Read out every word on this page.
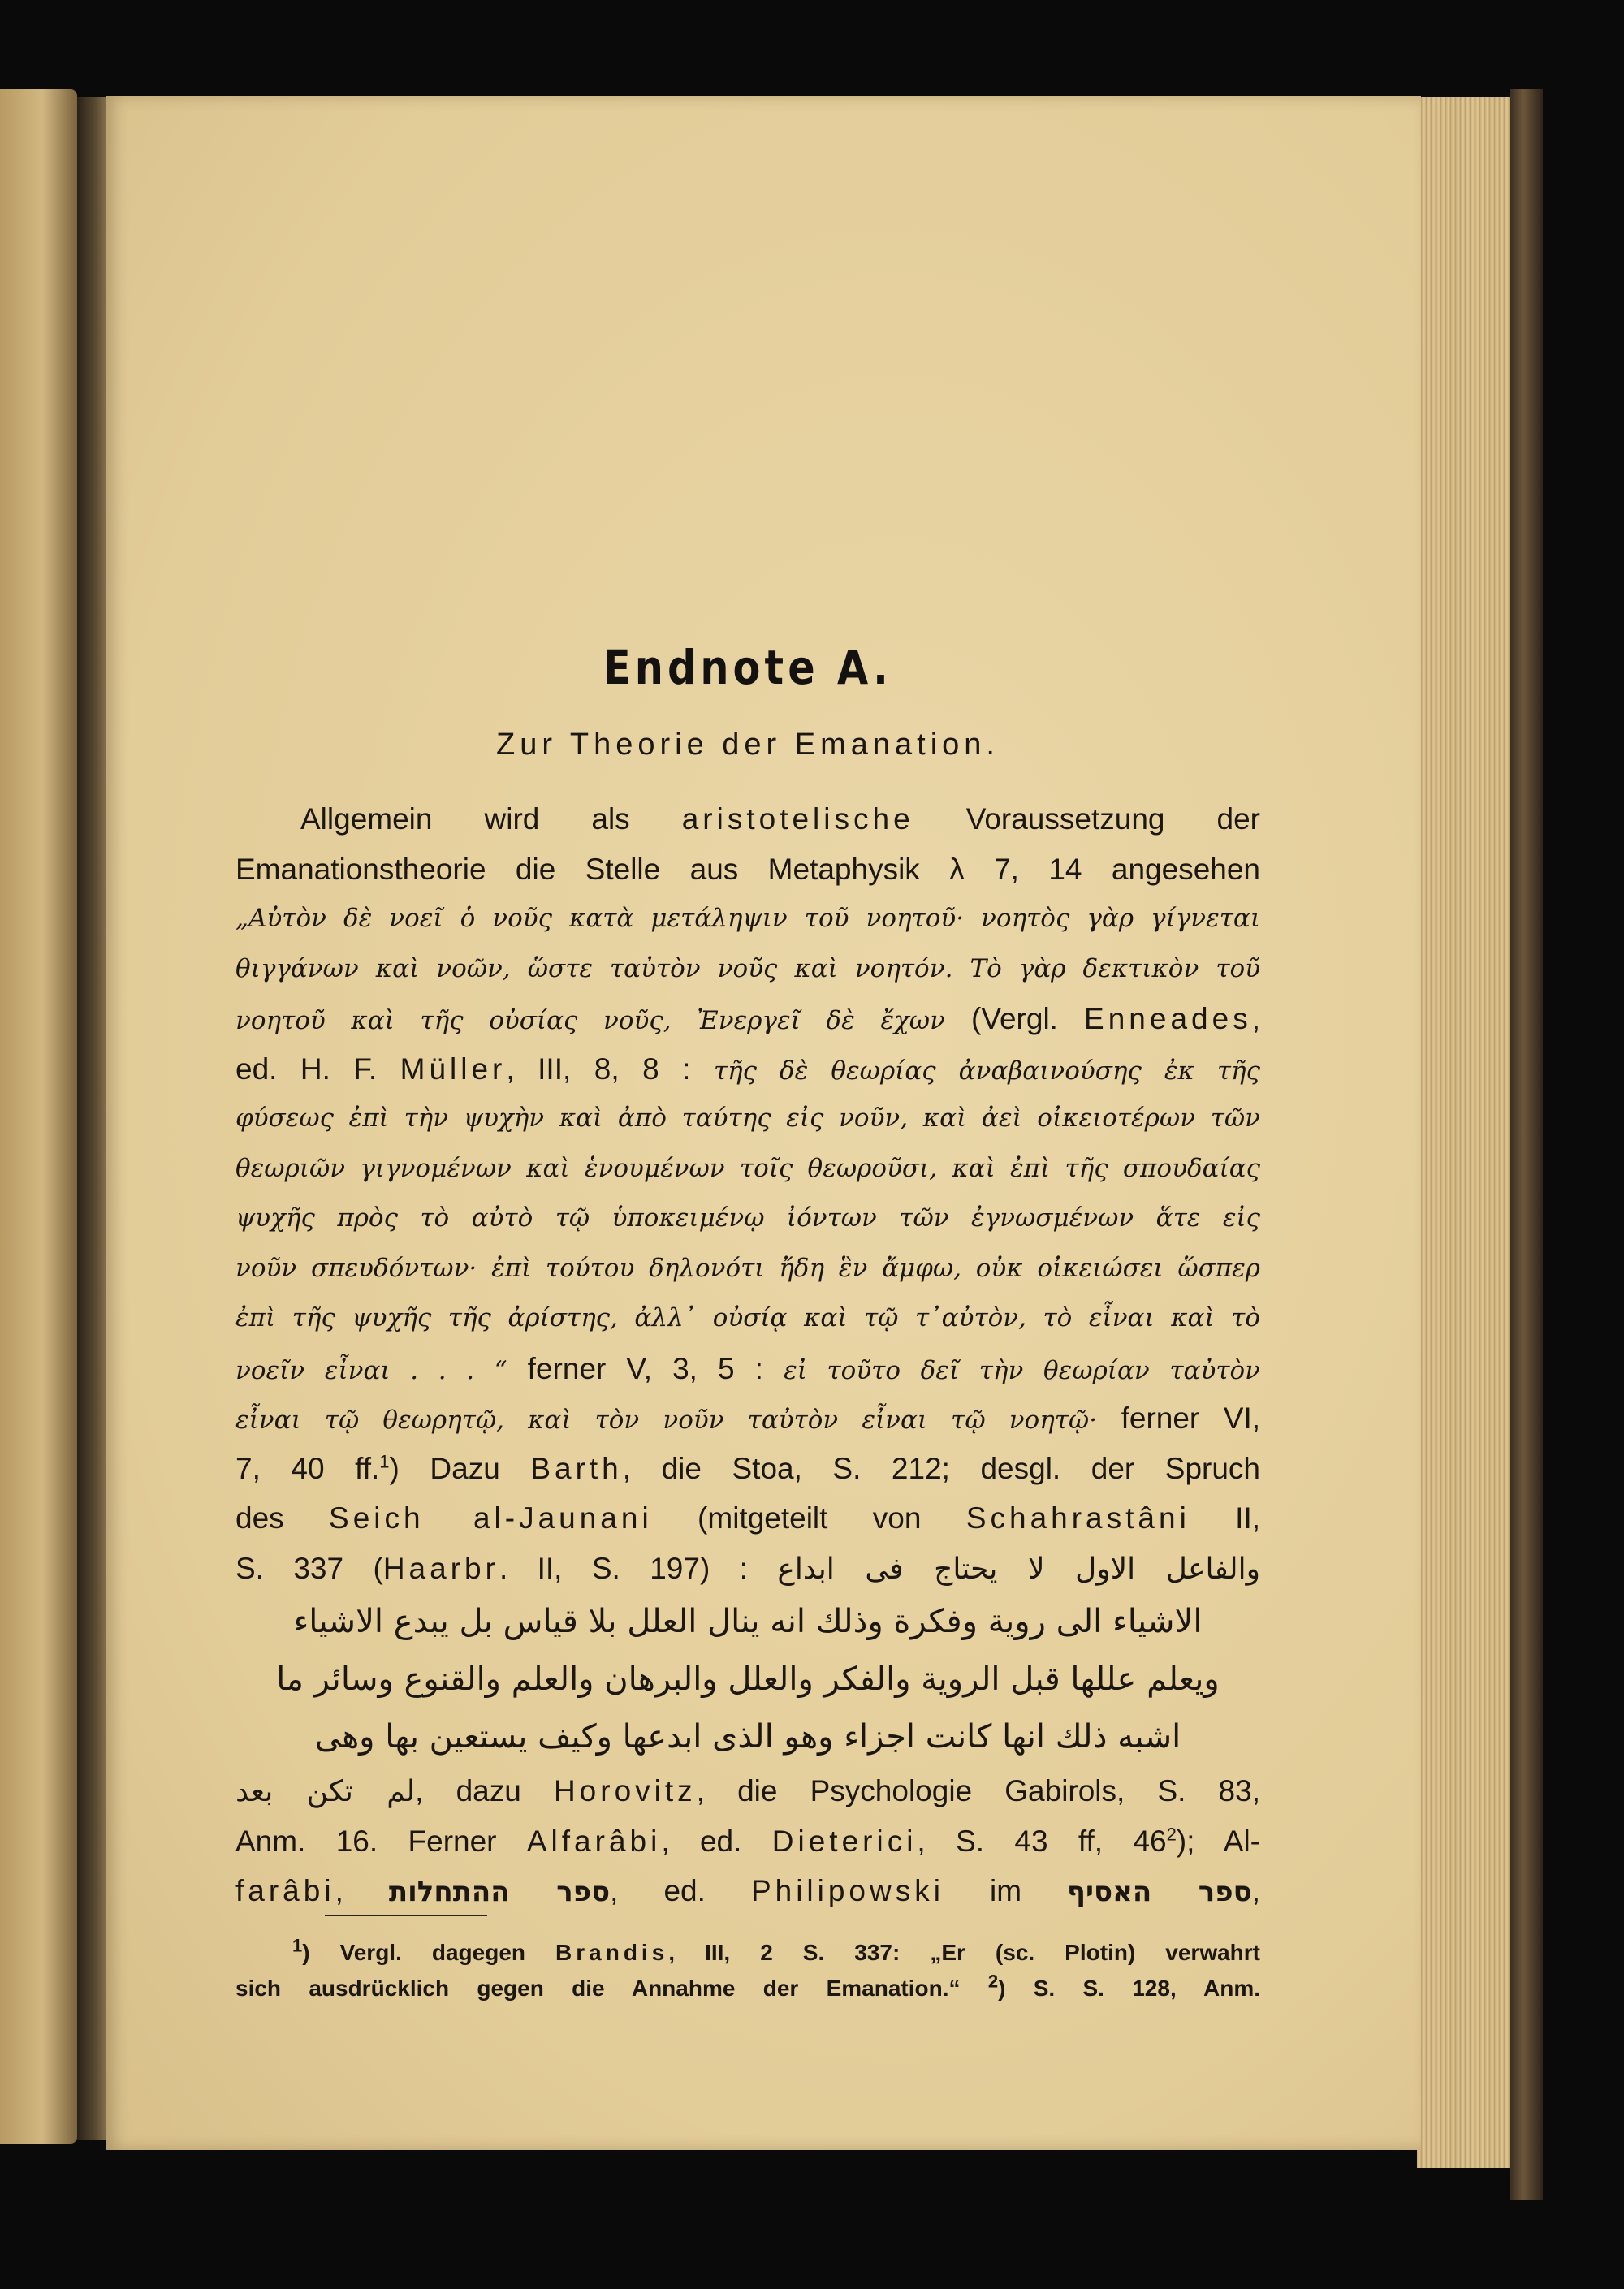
Endnote A.
Zur Theorie der Emanation.
Allgemein wird als aristotelische Voraussetzung der
Emanationstheorie die Stelle aus Metaphysik λ 7, 14 angesehen
„Αὐτὸν δὲ νοεῖ ὁ νοῦς κατὰ μετάληψιν τοῦ νοητοῦ· νοητὸς γὰρ γίγνεται
θιγγάνων καὶ νοῶν, ὥστε ταὐτὸν νοῦς καὶ νοητόν. Τὸ γὰρ δεκτικὸν τοῦ
νοητοῦ καὶ τῆς οὐσίας νοῦς, Ἐνεργεῖ δὲ ἔχων (Vergl. Enneades,
ed. H. F. Müller, III, 8, 8 : τῆς δὲ θεωρίας ἀναβαινούσης ἐκ τῆς
φύσεως ἐπὶ τὴν ψυχὴν καὶ ἀπὸ ταύτης εἰς νοῦν, καὶ ἀεὶ οἰκειοτέρων τῶν
θεωριῶν γιγνομένων καὶ ἑνουμένων τοῖς θεωροῦσι, καὶ ἐπὶ τῆς σπουδαίας
ψυχῆς πρὸς τὸ αὐτὸ τῷ ὑποκειμένῳ ἰόντων τῶν ἐγνωσμένων ἅτε εἰς
νοῦν σπευδόντων· ἐπὶ τούτου δηλονότι ἤδη ἓν ἄμφω, οὐκ οἰκειώσει ὥσπερ
ἐπὶ τῆς ψυχῆς τῆς ἀρίστης, ἀλλ᾽ οὐσίᾳ καὶ τῷ τ᾽αὐτὸν, τὸ εἶναι καὶ τὸ
νοεῖν εἶναι . . . “ ferner V, 3, 5 : εἰ τοῦτο δεῖ τὴν θεωρίαν ταὐτὸν
εἶναι τῷ θεωρητῷ, καὶ τὸν νοῦν ταὐτὸν εἶναι τῷ νοητῷ· ferner VI,
7, 40 ff.$^1$) Dazu Barth, die Stoa, S. 212; desgl. der Spruch
des Seich al-Jaunani (mitgeteilt von Schahrastâni II,
S. 337 (Haarbr. II, S. 197) : والفاعل الاول لا يحتاج فى ابداع
الاشياء الى روية وفكرة وذلك انه ينال العلل بلا قياس بل يبدع الاشياء
ويعلم عللها قبل الروية والفكر والعلل والبرهان والعلم والقنوع وسائر ما
اشبه ذلك انها كانت اجزاء وهو الذى ابدعها وكيف يستعين بها وهى
لم تكن بعد, dazu Horovitz, die Psychologie Gabirols, S. 83,
Anm. 16. Ferner Alfarâbi, ed. Dieterici, S. 43 ff, $46^2$); Al-
farâbi, ספר ההתחלות, ed. Philipowski im ספר האסיף,
$^1$) Vergl. dagegen Brandis, III, 2 S. 337: „Er (sc. Plotin) verwahrt
sich ausdrücklich gegen die Annahme der Emanation.“ $^2$) S. S. 128, Anm.
